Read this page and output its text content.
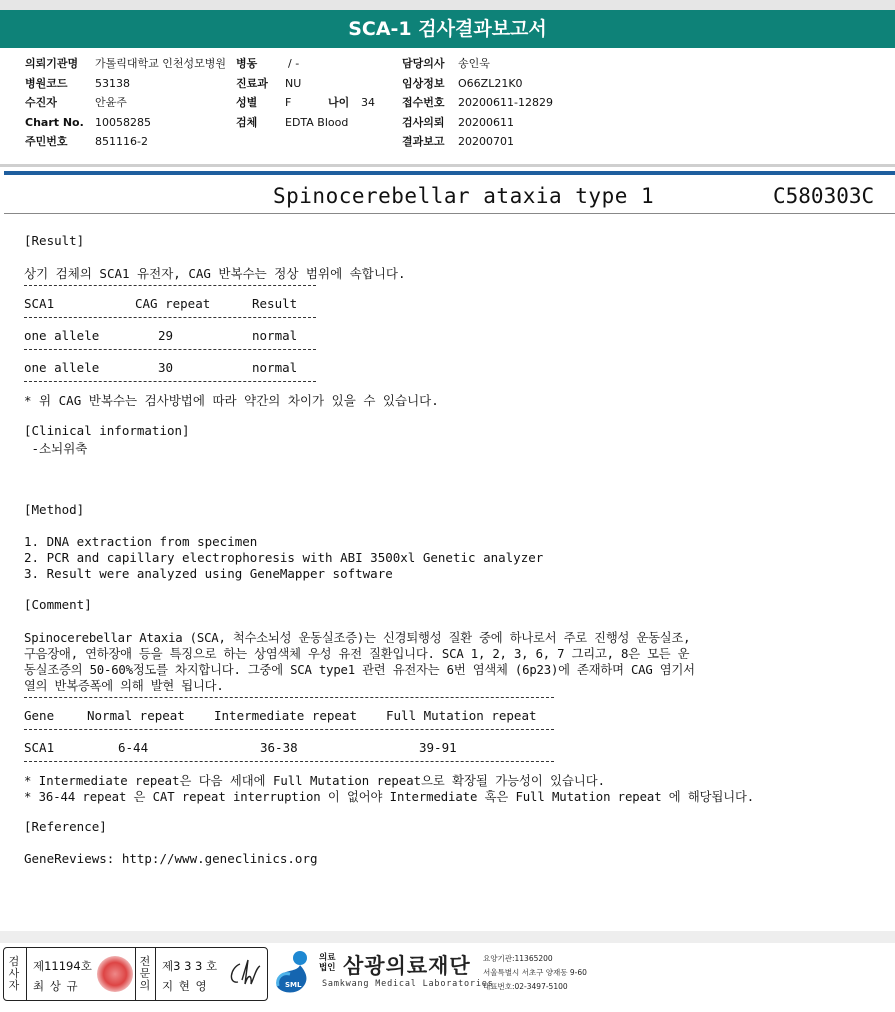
SCA-1 검사결과보고서
의뢰기관명 가톨릭대학교 인천성모병원
병원코드 53138
수진자	안윤주
Chart No. 10058285
주민번호 851116-2
병동	/ -
진료과 NU
성별	F	나이 34
검체	EDTA Blood
담당의사 송인욱
임상정보 O66ZL21K0
접수번호 20200611-12829
검사의뢰 20200611
결과보고 20200701
Spinocerebellar ataxia type 1	C580303C
[Result]
상기 검체의 SCA1 유전자, CAG 반복수는 정상 범위에 속합니다.
SCA1	CAG repeat	Result
one allele	29	normal
one allele	30	normal
* 위 CAG 반복수는 검사방법에 따라 약간의 차이가 있을 수 있습니다.
[Clinical information]
-소뇌위축
[Method]
1. DNA extraction from specimen
2. PCR and capillary electrophoresis with ABI 3500xl Genetic analyzer
3. Result were analyzed using GeneMapper software
[Comment]
Spinocerebellar Ataxia (SCA, 척수소뇌성 운동실조증)는 신경퇴행성 질환 중에 하나로서 주로 진행성 운동실조,
구음장애, 연하장애 등을 특징으로 하는 상염색체 우성 유전 질환입니다. SCA 1, 2, 3, 6, 7 그리고, 8은 모든 운
동실조증의 50-60%정도를 차지합니다. 그중에 SCA type1 관련 유전자는 6번 염색체 (6p23)에 존재하며 CAG 염기서
열의 반복증폭에 의해 발현 됩니다.
Gene	Normal repeat Intermediate repeat Full Mutation repeat
SCA1	6-44	36-38	39-91
* Intermediate repeat은 다음 세대에 Full Mutation repeat으로 확장될 가능성이 있습니다.
* 36-44 repeat 은 CAT repeat interruption 이 없어야 Intermediate 혹은 Full Mutation repeat 에 해당됩니다.
[Reference]
GeneReviews: http://www.geneclinics.org
검
사
자
제11194호
최 상 규
전
문
의
제3 3 3 호
지 현 영	SML
의료
법인 삼광의료재단
Samkwang Medical Laboratories
요양기관:11365200
서울특별시 서초구 양재동 9-60
대표번호:02-3497-5100
